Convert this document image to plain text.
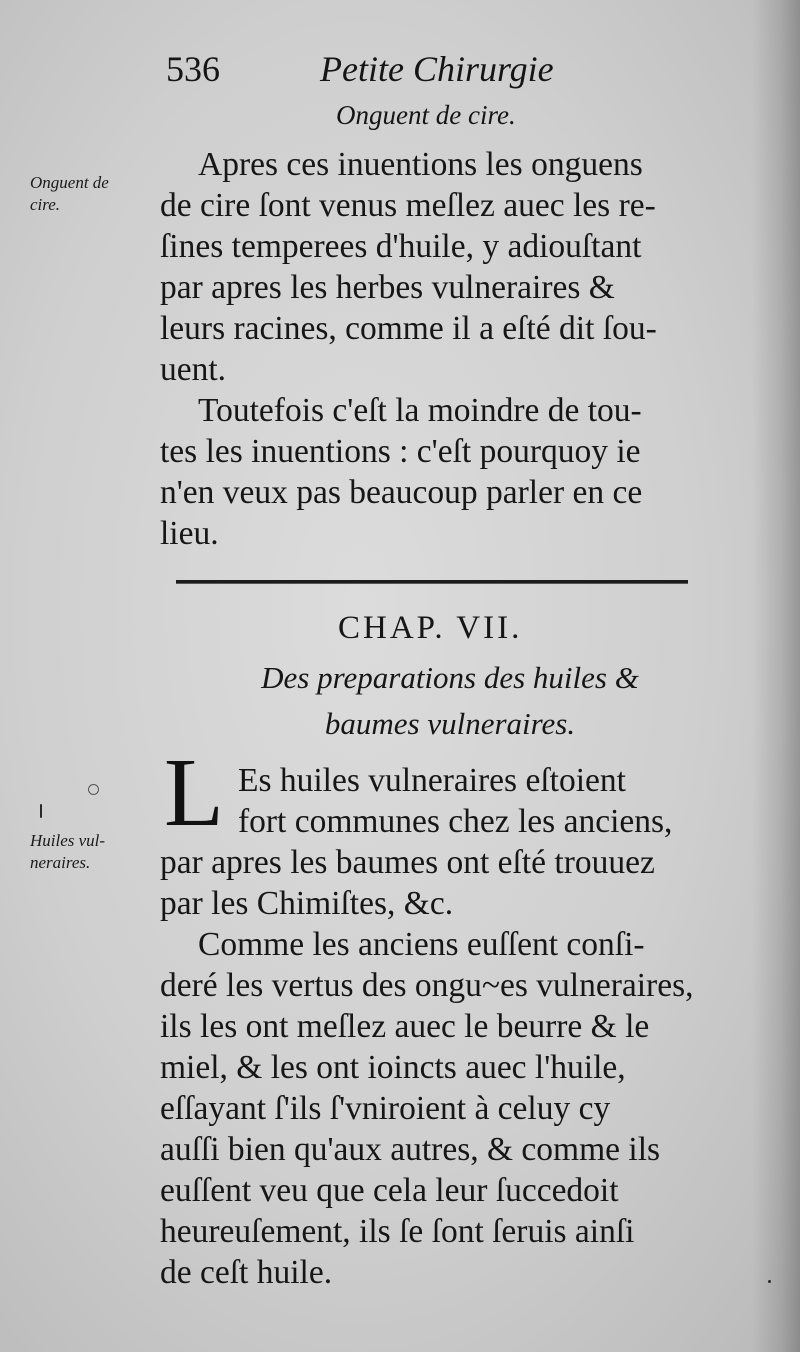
536	Petite Chirurgie
Onguent de cire.
Onguent de
cire.
Apres ces inuentions les onguens
de cire ſont venus meſlez auec les re-
ſines temperees d'huile, y adiouſtant
par apres les herbes vulneraires &
leurs racines, comme il a eſté dit ſou-
uent.
Toutefois c'eſt la moindre de tou-
tes les inuentions : c'eſt pourquoy ie
n'en veux pas beaucoup parler en ce
lieu.
CHAP. VII.
Des preparations des huiles &
baumes vulneraires.
L
Huiles vul-
neraires.
Es huiles vulneraires eſtoient
fort communes chez les anciens,
par apres les baumes ont eſté trouuez
par les Chimiſtes, &c.
Comme les anciens euſſent conſi-
deré les vertus des ongu~es vulneraires,
ils les ont meſlez auec le beurre & le
miel, & les ont ioincts auec l'huile,
eſſayant ſ'ils ſ'vniroient à celuy cy
auſſi bien qu'aux autres, & comme ils
euſſent veu que cela leur ſuccedoit
heureuſement, ils ſe ſont ſeruis ainſi
de ceſt huile.
